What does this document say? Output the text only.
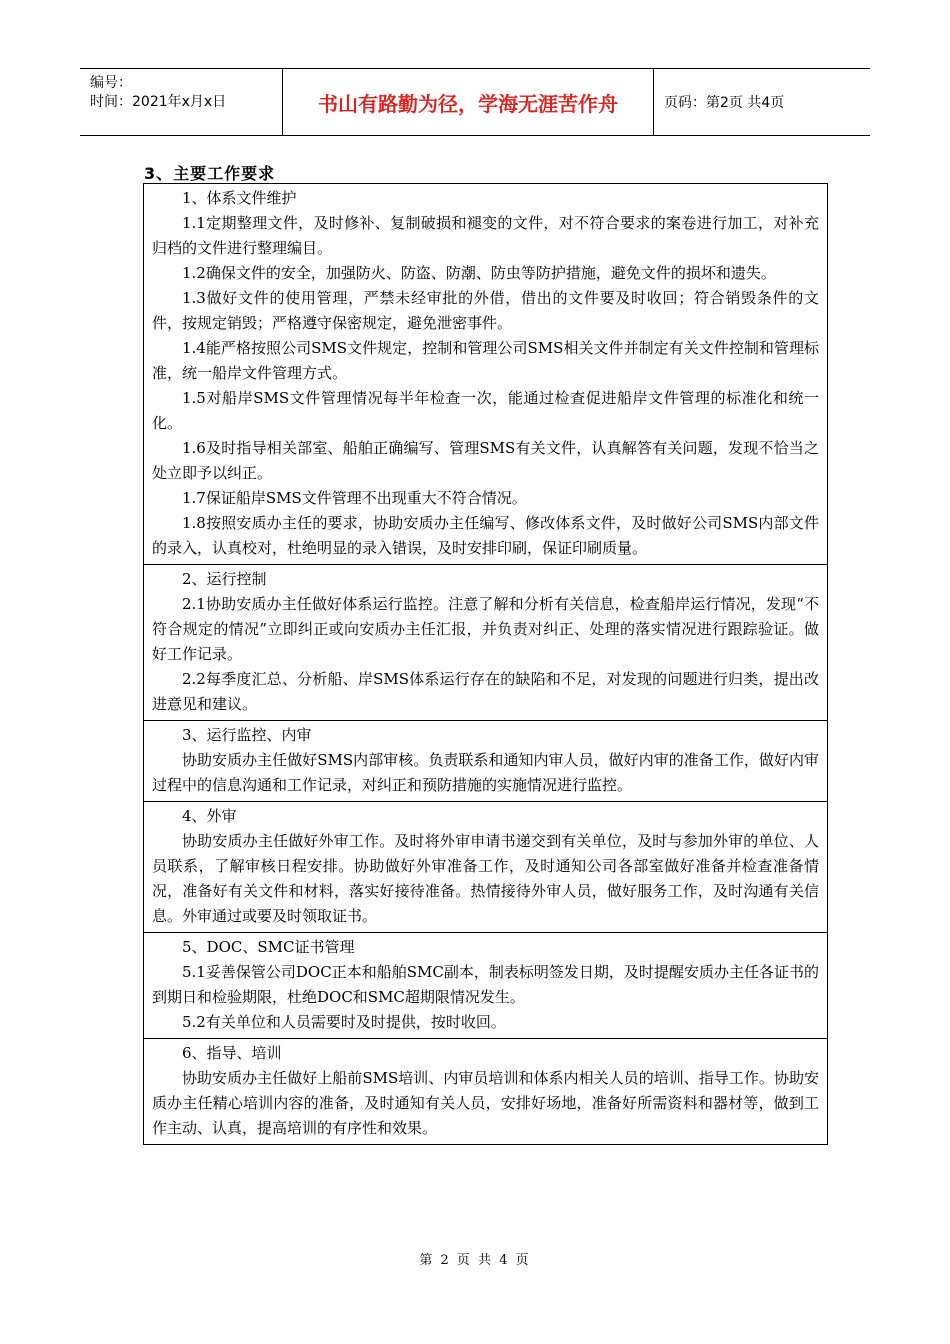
编号：
时间：2021年x月x日	书山有路勤为径，学海无涯苦作舟	页码：第2页 共4页
3、主要工作要求
1、体系文件维护
1.1定期整理文件，及时修补、复制破损和褪变的文件，对不符合要求的案卷进行加工，对补充归档的文件进行整理编目。
1.2确保文件的安全，加强防火、防盗、防潮、防虫等防护措施，避免文件的损坏和遗失。
1.3做好文件的使用管理，严禁未经审批的外借，借出的文件要及时收回；符合销毁条件的文件，按规定销毁；严格遵守保密规定，避免泄密事件。
1.4能严格按照公司SMS文件规定，控制和管理公司SMS相关文件并制定有关文件控制和管理标准，统一船岸文件管理方式。
1.5对船岸SMS文件管理情况每半年检查一次，能通过检查促进船岸文件管理的标准化和统一化。
1.6及时指导相关部室、船舶正确编写、管理SMS有关文件，认真解答有关问题，发现不恰当之处立即予以纠正。
1.7保证船岸SMS文件管理不出现重大不符合情况。
1.8按照安质办主任的要求，协助安质办主任编写、修改体系文件，及时做好公司SMS内部文件的录入，认真校对，杜绝明显的录入错误，及时安排印刷，保证印刷质量。
2、运行控制
2.1协助安质办主任做好体系运行监控。注意了解和分析有关信息，检查船岸运行情况，发现“不符合规定的情况”立即纠正或向安质办主任汇报，并负责对纠正、处理的落实情况进行跟踪验证。做好工作记录。
2.2每季度汇总、分析船、岸SMS体系运行存在的缺陷和不足，对发现的问题进行归类，提出改进意见和建议。
3、运行监控、内审
协助安质办主任做好SMS内部审核。负责联系和通知内审人员，做好内审的准备工作，做好内审过程中的信息沟通和工作记录，对纠正和预防措施的实施情况进行监控。
4、外审
协助安质办主任做好外审工作。及时将外审申请书递交到有关单位，及时与参加外审的单位、人员联系，了解审核日程安排。协助做好外审准备工作，及时通知公司各部室做好准备并检查准备情况，准备好有关文件和材料，落实好接待准备。热情接待外审人员，做好服务工作，及时沟通有关信息。外审通过或要及时领取证书。
5、DOC、SMC证书管理
5.1妥善保管公司DOC正本和船舶SMC副本，制表标明签发日期，及时提醒安质办主任各证书的到期日和检验期限，杜绝DOC和SMC超期限情况发生。
5.2有关单位和人员需要时及时提供，按时收回。
6、指导、培训
协助安质办主任做好上船前SMS培训、内审员培训和体系内相关人员的培训、指导工作。协助安质办主任精心培训内容的准备，及时通知有关人员，安排好场地，准备好所需资料和器材等，做到工作主动、认真，提高培训的有序性和效果。
第 2 页 共 4 页
